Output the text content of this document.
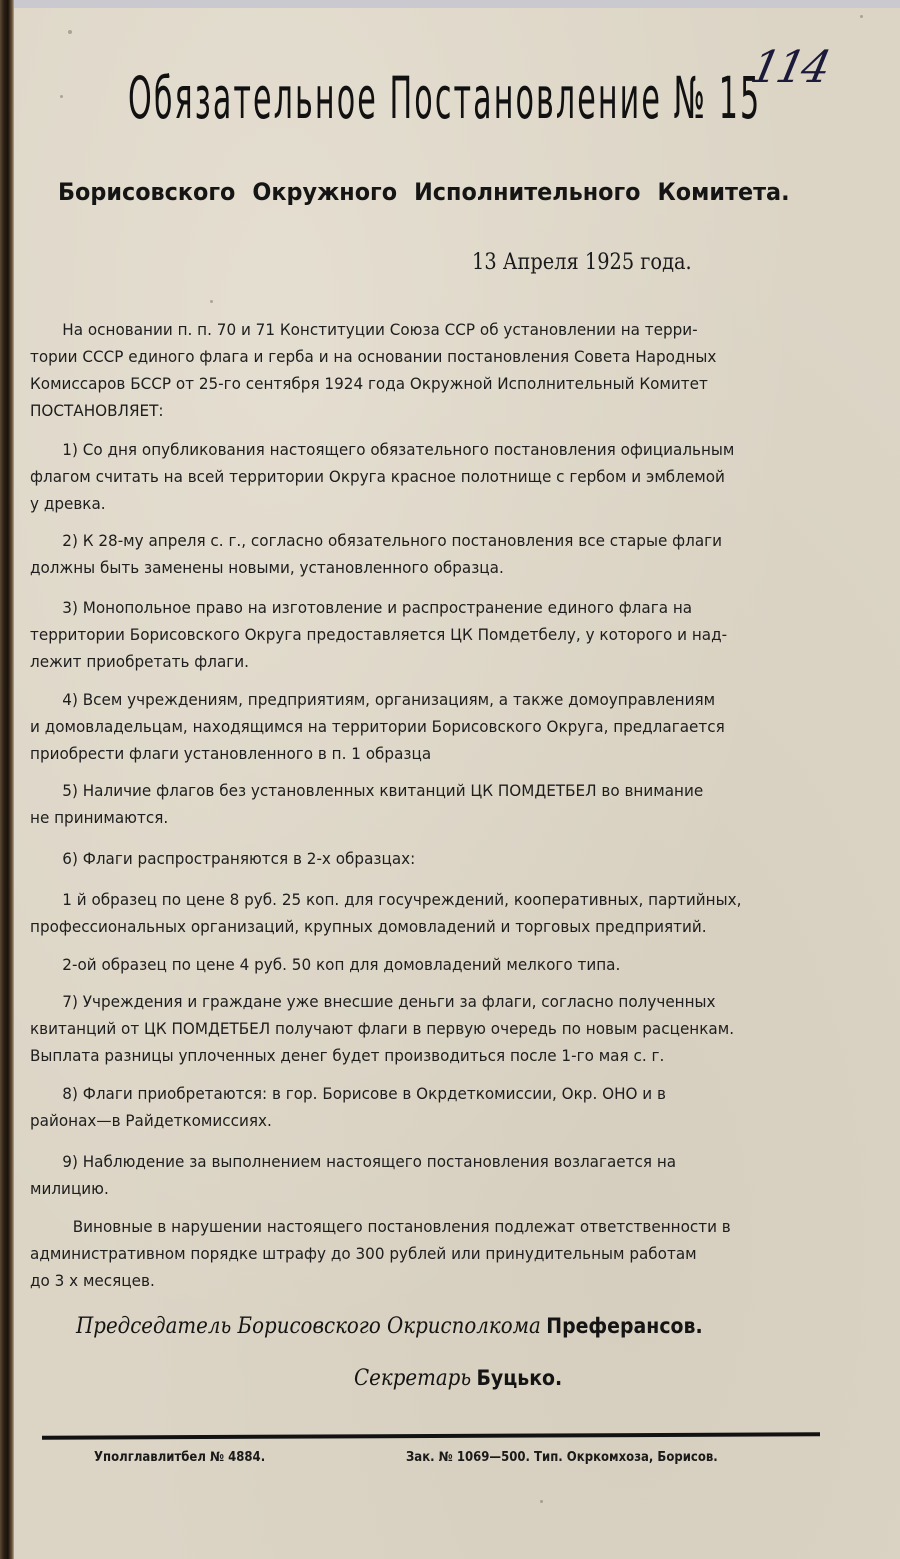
Обязательное Постановление № 15
114
Борисовского Окружного Исполнительного Комитета.
13 Апреля 1925 года.
На основании п. п. 70 и 71 Конституции Союза ССР об установлении на терри-
тории СССР единого флага и герба и на основании постановления Совета Народных
Комиссаров БССР от 25-го сентября 1924 года Окружной Исполнительный Комитет
ПОСТАНОВЛЯЕТ:
1) Со дня опубликования настоящего обязательного постановления официальным
флагом считать на всей территории Округа красное полотнище с гербом и эмблемой
у древка.
2) К 28-му апреля с. г., согласно обязательного постановления все старые флаги
должны быть заменены новыми, установленного образца.
3) Монопольное право на изготовление и распространение единого флага на
территории Борисовского Округа предоставляется ЦК Помдетбелу, у которого и над-
лежит приобретать флаги.
4) Всем учреждениям, предприятиям, организациям, а также домоуправлениям
и домовладельцам, находящимся на территории Борисовского Округа, предлагается
приобрести флаги установленного в п. 1 образца
5) Наличие флагов без установленных квитанций ЦК ПОМДЕТБЕЛ во внимание
не принимаются.
6) Флаги распространяются в 2-х образцах:
1 й образец по цене 8 руб. 25 коп. для госучреждений, кооперативных, партийных,
профессиональных организаций, крупных домовладений и торговых предприятий.
2-ой образец по цене 4 руб. 50 коп для домовладений мелкого типа.
7) Учреждения и граждане уже внесшие деньги за флаги, согласно полученных
квитанций от ЦК ПОМДЕТБЕЛ получают флаги в первую очередь по новым расценкам.
Выплата разницы уплоченных денег будет производиться после 1-го мая с. г.
8) Флаги приобретаются: в гор. Борисове в Окрдеткомиссии, Окр. ОНО и в
районах—в Райдеткомиссиях.
9) Наблюдение за выполнением настоящего постановления возлагается на
милицию.
Виновные в нарушении настоящего постановления подлежат ответственности в
административном порядке штрафу до 300 рублей или принудительным работам
до 3 х месяцев.
Председатель Борисовского Окрисполкома Преферансов.
Секретарь Буцько.
Уполглавлитбел № 4884.	Зак. № 1069—500. Тип. Окркомхоза, Борисов.
